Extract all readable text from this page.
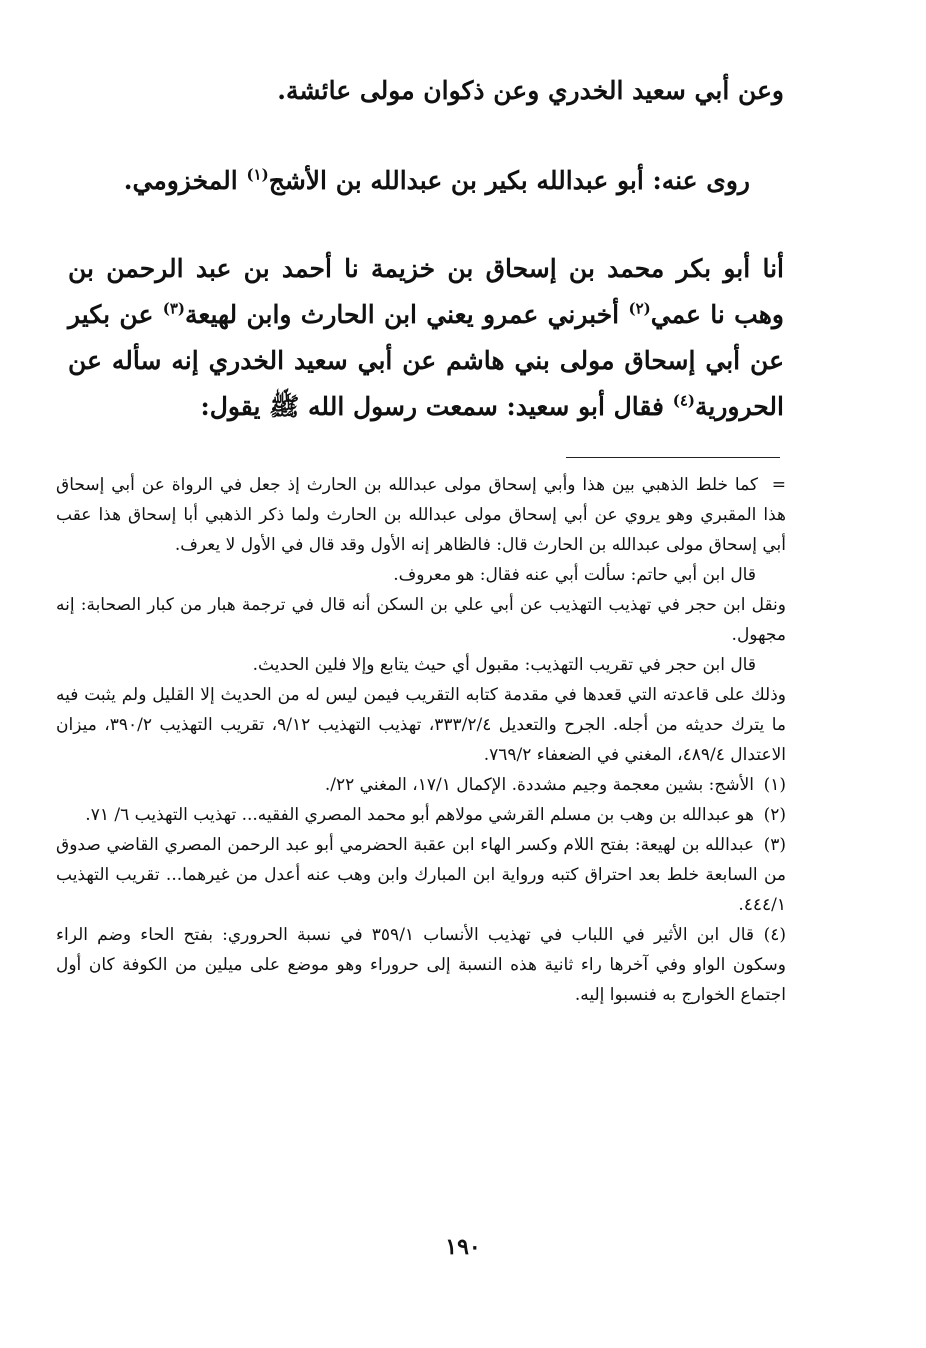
وعن أبي سعيد الخدري وعن ذكوان مولى عائشة.

روى عنه: أبو عبدالله بكير بن عبدالله بن الأشج$^{(١)}$ المخزومي.

أنا أبو بكر محمد بن إسحاق بن خزيمة نا أحمد بن عبد الرحمن بن وهب نا عمي$^{(٢)}$ أخبرني عمرو يعني ابن الحارث وابن لهيعة$^{(٣)}$ عن بكير عن أبي إسحاق مولى بني هاشم عن أبي سعيد الخدري إنه سأله عن الحرورية$^{(٤)}$ فقال أبو سعيد: سمعت رسول الله ﷺ يقول:

=كما خلط الذهبي بين هذا وأبي إسحاق مولى عبدالله بن الحارث إذ جعل في الرواة عن أبي إسحاق هذا المقبري وهو يروي عن أبي إسحاق مولى عبدالله بن الحارث ولما ذكر الذهبي أبا إسحاق هذا عقب أبي إسحاق مولى عبدالله بن الحارث قال: فالظاهر إنه الأول وقد قال في الأول لا يعرف.

قال ابن أبي حاتم: سألت أبي عنه فقال: هو معروف.

ونقل ابن حجر في تهذيب التهذيب عن أبي علي بن السكن أنه قال في ترجمة هبار من كبار الصحابة: إنه مجهول.

قال ابن حجر في تقريب التهذيب: مقبول أي حيث يتابع وإلا فلين الحديث.

وذلك على قاعدته التي قعدها في مقدمة كتابه التقريب فيمن ليس له من الحديث إلا القليل ولم يثبت فيه ما يترك حديثه من أجله. الجرح والتعديل ٣٣٣/٢/٤، تهذيب التهذيب ٩/١٢، تقريب التهذيب ٣٩٠/٢، ميزان الاعتدال ٤٨٩/٤، المغني في الضعفاء ٧٦٩/٢.

(١)الأشج: بشين معجمة وجيم مشددة. الإكمال ١٧/١، المغني ٢٢/.

(٢)هو عبدالله بن وهب بن مسلم القرشي مولاهم أبو محمد المصري الفقيه... تهذيب التهذيب ٦/ ٧١.

(٣)عبدالله بن لهيعة: بفتح اللام وكسر الهاء ابن عقبة الحضرمي أبو عبد الرحمن المصري القاضي صدوق من السابعة خلط بعد احتراق كتبه ورواية ابن المبارك وابن وهب عنه أعدل من غيرهما... تقريب التهذيب ٤٤٤/١.

(٤)قال ابن الأثير في اللباب في تهذيب الأنساب ٣٥٩/١ في نسبة الحروري: بفتح الحاء وضم الراء وسكون الواو وفي آخرها راء ثانية هذه النسبة إلى حروراء وهو موضع على ميلين من الكوفة كان أول اجتماع الخوارج به فنسبوا إليه.

١٩٠
